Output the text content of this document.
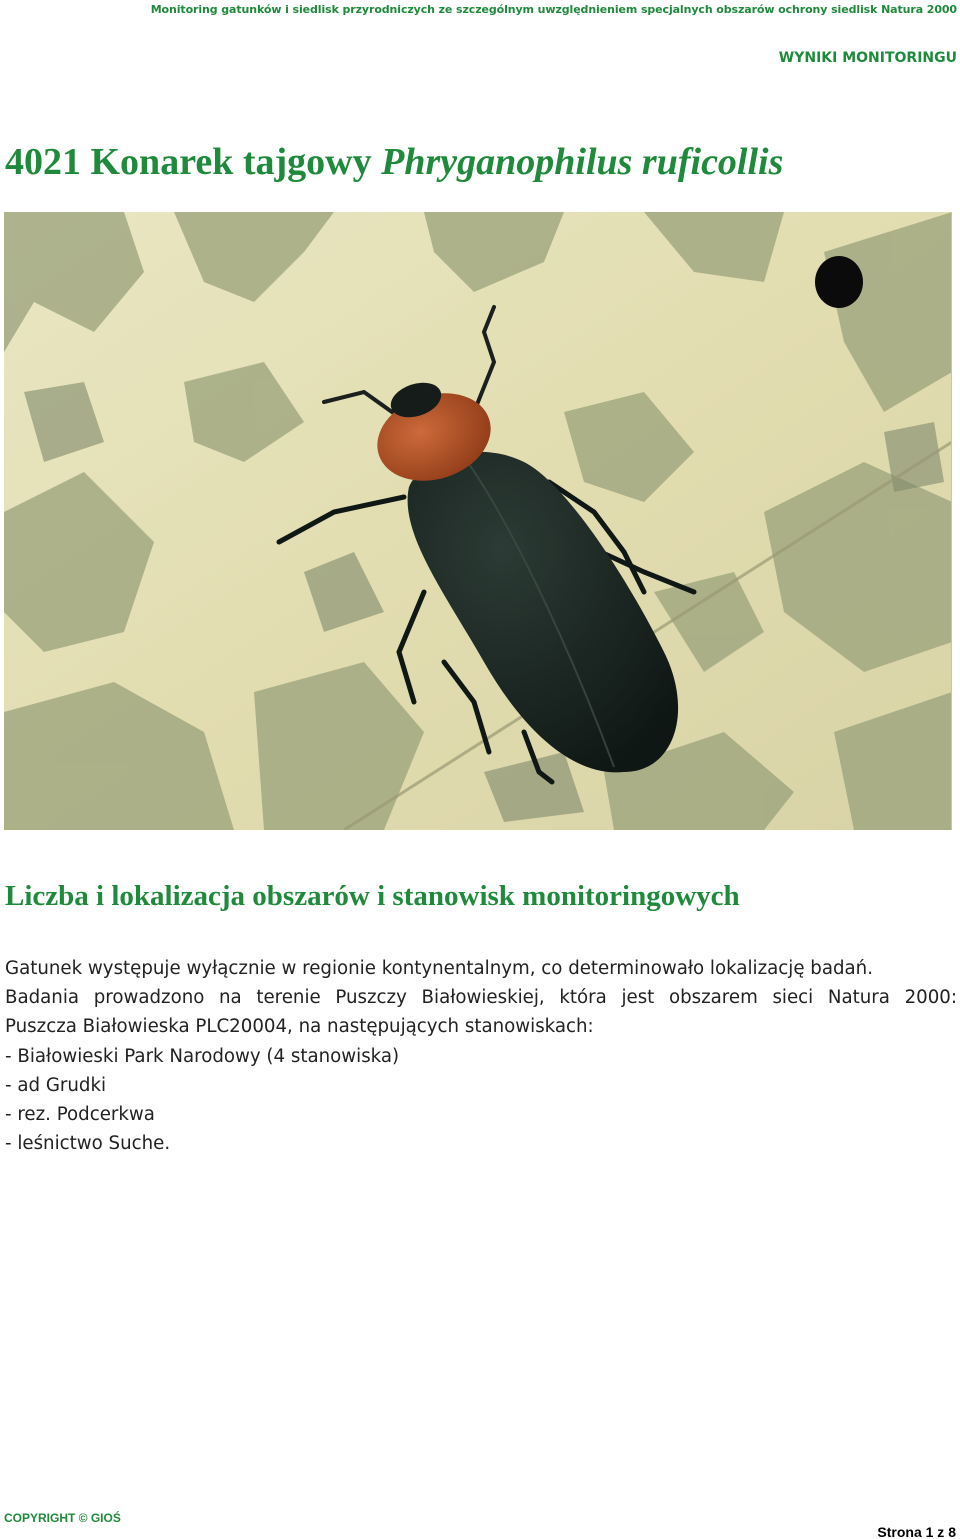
Monitoring gatunków i siedlisk przyrodniczych ze szczególnym uwzględnieniem specjalnych obszarów ochrony siedlisk Natura 2000
WYNIKI MONITORINGU
4021 Konarek tajgowy Phryganophilus ruficollis
Liczba i lokalizacja obszarów i stanowisk monitoringowych
Gatunek występuje wyłącznie w regionie kontynentalnym, co determinowało lokalizację badań.
Badania prowadzono na terenie Puszczy Białowieskiej, która jest obszarem sieci Natura 2000:
Puszcza Białowieska PLC20004, na następujących stanowiskach:
- Białowieski Park Narodowy (4 stanowiska)
- ad Grudki
- rez. Podcerkwa
- leśnictwo Suche.
COPYRIGHT © GIOŚ
Strona 1 z 8
